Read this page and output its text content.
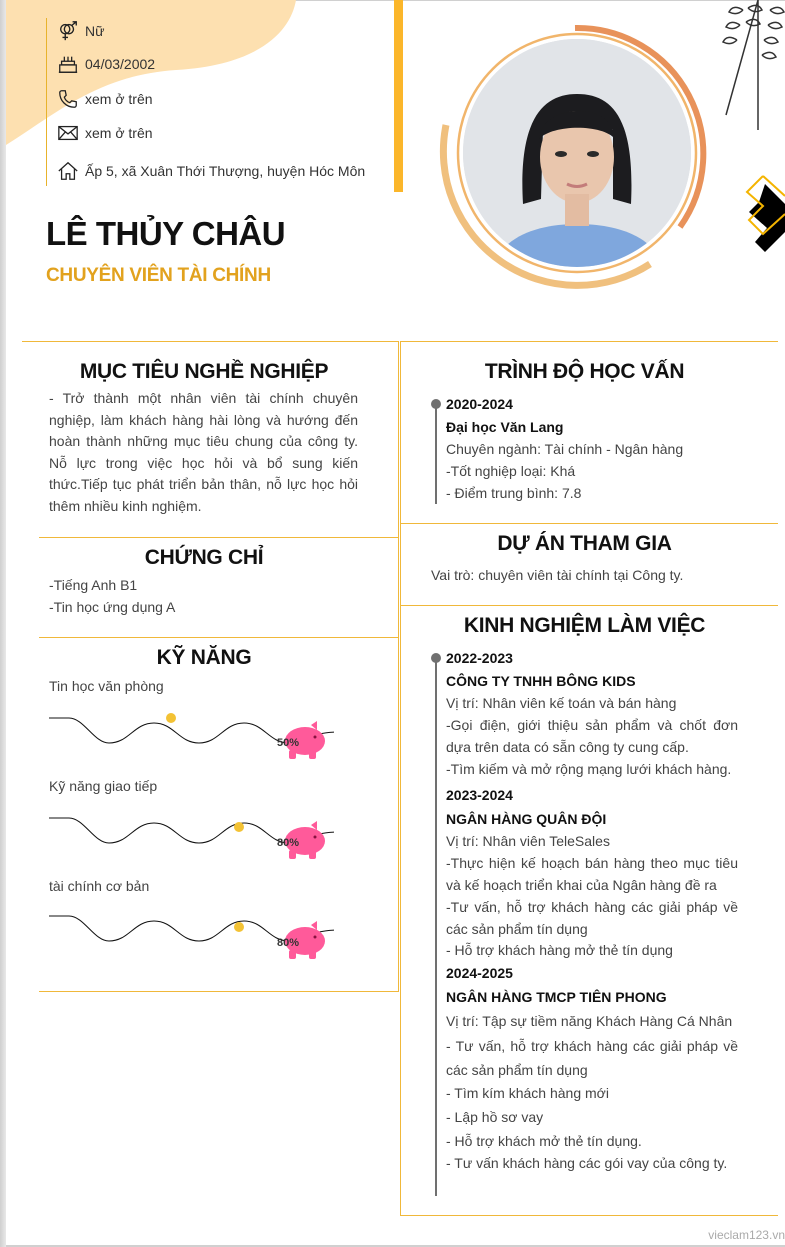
Nữ
04/03/2002
xem ở trên
xem ở trên
Ấp 5, xã Xuân Thới Thượng, huyện Hóc Môn
LÊ THỦY CHÂU
CHUYÊN VIÊN TÀI CHÍNH
MỤC TIÊU NGHỀ NGHIỆP
- Trở thành một nhân viên tài chính chuyên nghiệp, làm khách hàng hài lòng và hướng đến hoàn thành những mục tiêu chung của công ty. Nỗ lực trong việc học hỏi và bổ sung kiến thức.Tiếp tục phát triển bản thân, nỗ lực học hỏi thêm nhiều kinh nghiệm.
CHỨNG CHỈ
-Tiếng Anh B1
-Tin học ứng dụng A
KỸ NĂNG
Tin học văn phòng
50%
Kỹ năng giao tiếp
80%
tài chính cơ bản
80%
TRÌNH ĐỘ HỌC VẤN
2020-2024
Đại học Văn Lang
Chuyên ngành: Tài chính - Ngân hàng
-Tốt nghiệp loại: Khá
- Điểm trung bình: 7.8
DỰ ÁN THAM GIA
Vai trò: chuyên viên tài chính tại Công ty.
KINH NGHIỆM LÀM VIỆC
2022-2023
CÔNG TY TNHH BÔNG KIDS
Vị trí: Nhân viên kế toán và bán hàng
-Gọi điện, giới thiệu sản phẩm và chốt đơn dựa trên data có sẵn công ty cung cấp.
-Tìm kiếm và mở rộng mạng lưới khách hàng.
2023-2024
NGÂN HÀNG QUÂN ĐỘI
Vị trí: Nhân viên TeleSales
-Thực hiện kế hoạch bán hàng theo mục tiêu và kế hoạch triển khai của Ngân hàng đề ra
-Tư vấn, hỗ trợ khách hàng các giải pháp về các sản phẩm tín dụng
- Hỗ trợ khách hàng mở thẻ tín dụng
2024-2025
NGÂN HÀNG TMCP TIÊN PHONG
Vị trí: Tập sự tiềm năng Khách Hàng Cá Nhân
- Tư vấn, hỗ trợ khách hàng các giải pháp về các sản phẩm tín dụng
- Tìm kím khách hàng mới
- Lập hồ sơ vay
- Hỗ trợ khách mở thẻ tín dụng.
- Tư vấn khách hàng các gói vay của công ty.
vieclam123.vn
